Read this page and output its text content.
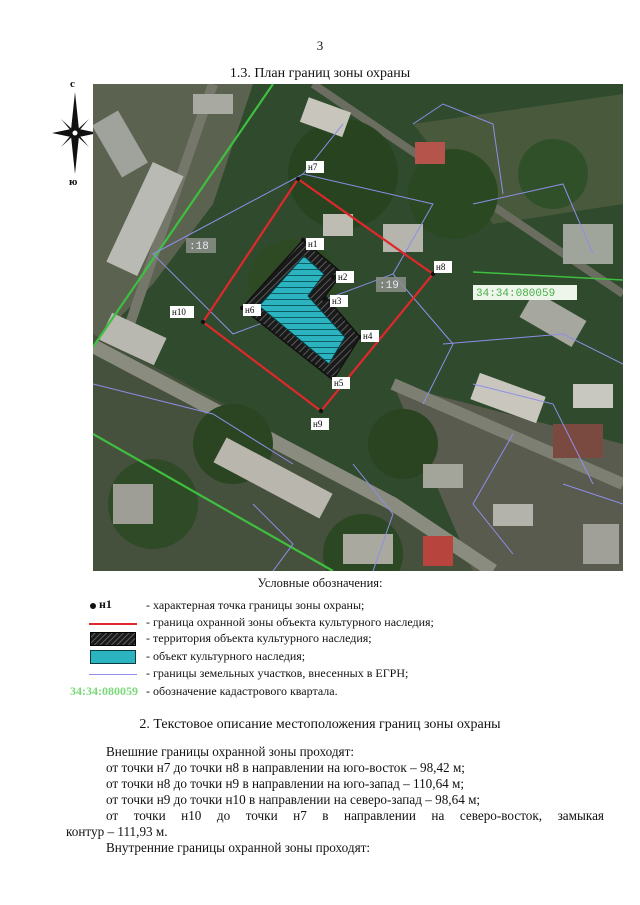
3
1.3. План границ зоны охраны
с
ю
н1
н2
н3
н4
н5
н6
н7
н8
н9
н10
:18
:19
34:34:080059
Условные обозначения:
н1	- характерная точка границы зоны охраны;
- граница охранной зоны объекта культурного наследия;
- территория объекта культурного наследия;
- объект культурного наследия;
- границы земельных участков, внесенных в ЕГРН;
34:34:080059 - обозначение кадастрового квартала.
2. Текстовое описание местоположения границ зоны охраны
Внешние границы охранной зоны проходят:
от точки н7 до точки н8 в направлении на юго-восток – 98,42 м;
от точки н8 до точки н9 в направлении на юго-запад – 110,64 м;
от точки н9 до точки н10 в направлении на северо-запад – 98,64 м;
от точки н10 до точки н7 в направлении на северо-восток, замыкая
контур – 111,93 м.
Внутренние границы охранной зоны проходят:
